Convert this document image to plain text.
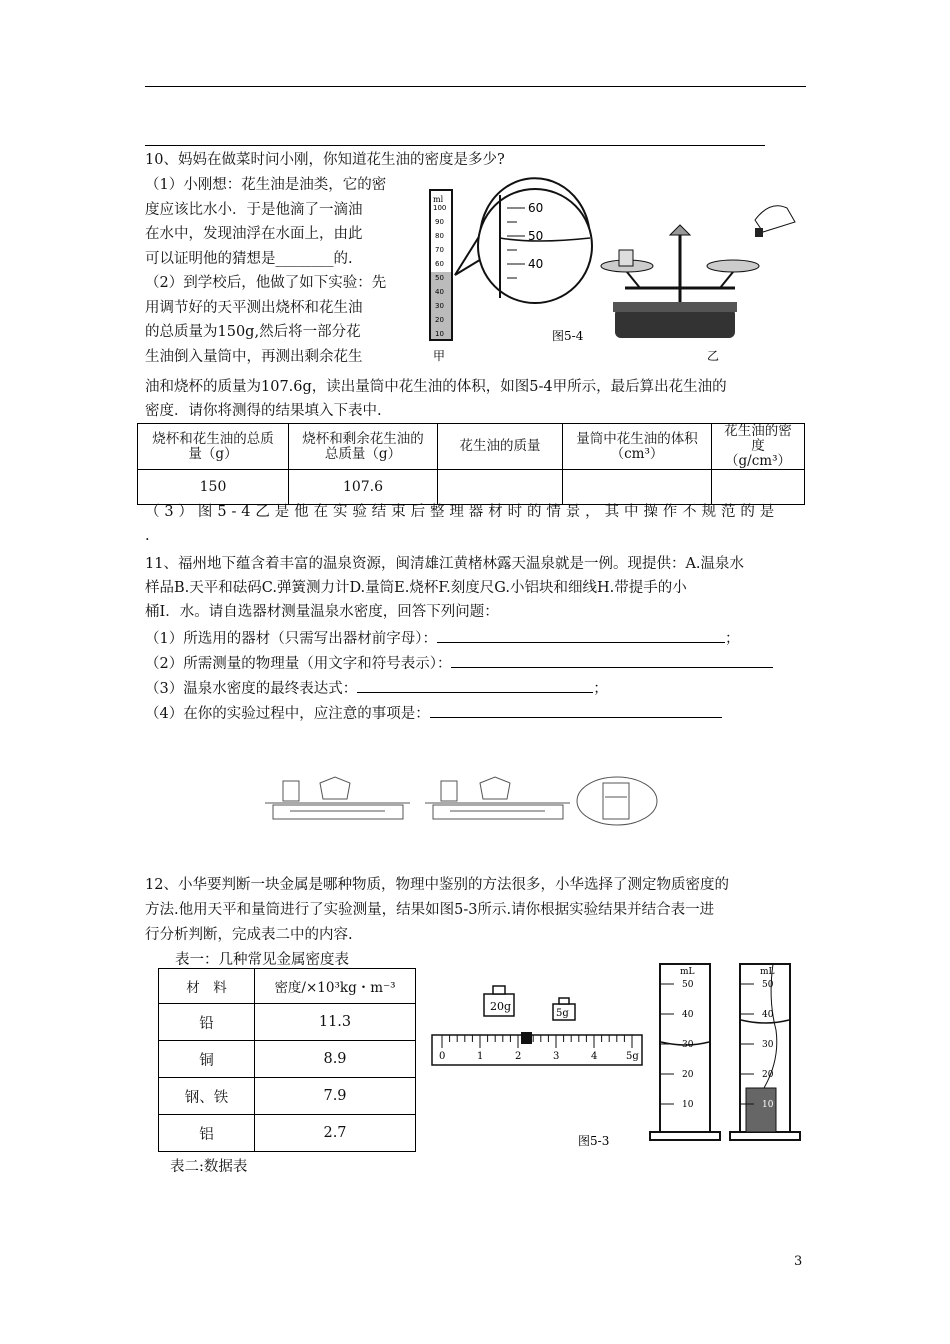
10、妈妈在做菜时问小刚，你知道花生油的密度是多少?
（1）小刚想：花生油是油类，它的密
度应该比水小．于是他滴了一滴油
在水中，发现油浮在水面上，由此
可以证明他的猜想是________的.
（2）到学校后，他做了如下实验：先
用调节好的天平测出烧杯和花生油
的总质量为150g,然后将一部分花
生油倒入量筒中，再测出剩余花生
ml
100
90
80
70
60
50
40
30
20
10
甲
60
50
40
乙
图5-4
油和烧杯的质量为107.6g，读出量筒中花生油的体积，如图5-4甲所示，最后算出花生油的
密度．请你将测得的结果填入下表中.
烧杯和花生油的总质量（g）	烧杯和剩余花生油的总质量（g）	花生油的质量	量筒中花生油的体积（cm³）	花生油的密度（g/cm³）
150	107.6			
（3）图5-4乙是他在实验结束后整理器材时的情景，其中操作不规范的是
.
11、福州地下蕴含着丰富的温泉资源，闽清雄江黄楮林露天温泉就是一例。现提供：A.温泉水
样品B.天平和砝码C.弹簧测力计D.量筒E.烧杯F.刻度尺G.小铝块和细线H.带提手的小
桶I．水。请自选器材测量温泉水密度，回答下列问题：
（1）所选用的器材（只需写出器材前字母）：	；
（2）所需测量的物理量（用文字和符号表示）：
（3）温泉水密度的最终表达式：	；
（4）在你的实验过程中，应注意的事项是：
12、小华要判断一块金属是哪种物质，物理中鉴别的方法很多，小华选择了测定物质密度的
方法.他用天平和量筒进行了实验测量，结果如图5-3所示.请你根据实验结果并结合表一进
行分析判断，完成表二中的内容.
表一：几种常见金属密度表
材　料	密度/×10³kg・m⁻³
铅	11.3
铜	8.9
钢、铁	7.9
铝	2.7
表二:数据表
20g
5g
0	1	2	3	4	5g
图5-3
mL
50
40
30
20
10
mL
50
40
30
20
10
3
